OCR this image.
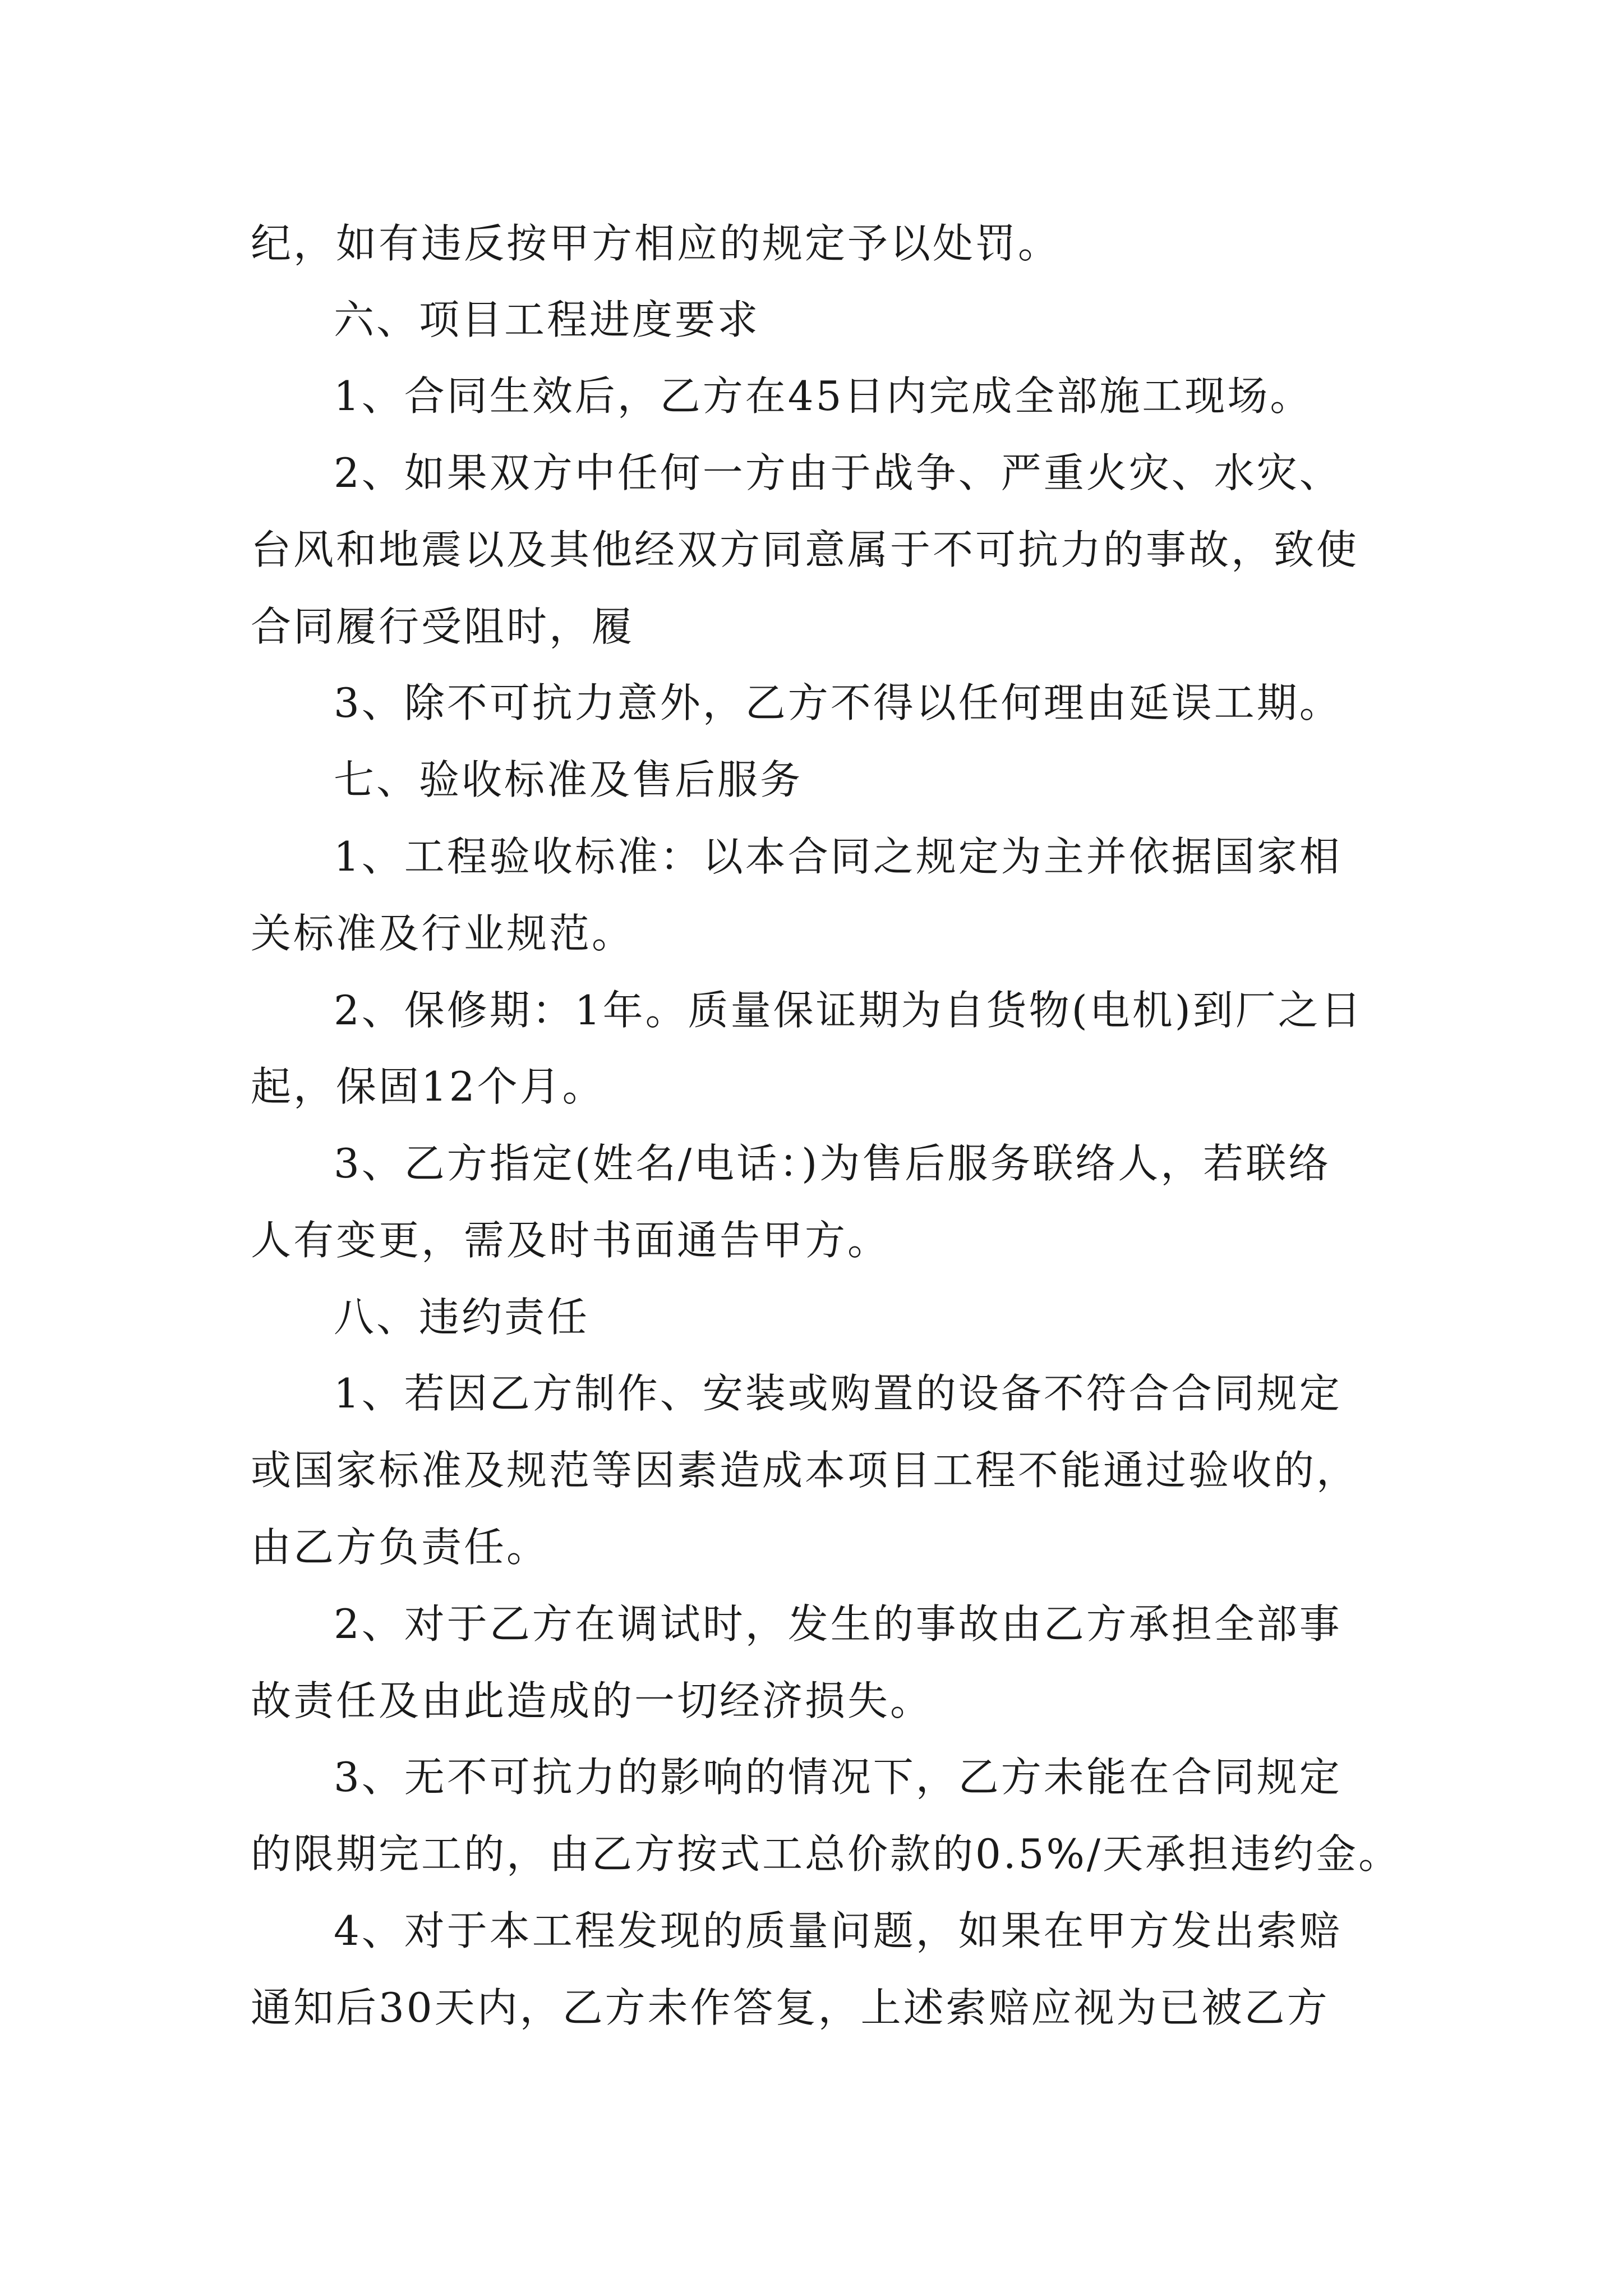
纪，如有违反按甲方相应的规定予以处罚。
六、项目工程进度要求
1、合同生效后，乙方在45日内完成全部施工现场。
2、如果双方中任何一方由于战争、严重火灾、水灾、
台风和地震以及其他经双方同意属于不可抗力的事故，致使
合同履行受阻时，履
3、除不可抗力意外，乙方不得以任何理由延误工期。
七、验收标准及售后服务
1、工程验收标准：以本合同之规定为主并依据国家相
关标准及行业规范。
2、保修期：1年。质量保证期为自货物(电机)到厂之日
起，保固12个月。
3、乙方指定(姓名/电话：)为售后服务联络人，若联络
人有变更，需及时书面通告甲方。
八、违约责任
1、若因乙方制作、安装或购置的设备不符合合同规定
或国家标准及规范等因素造成本项目工程不能通过验收的，
由乙方负责任。
2、对于乙方在调试时，发生的事故由乙方承担全部事
故责任及由此造成的一切经济损失。
3、无不可抗力的影响的情况下，乙方未能在合同规定
的限期完工的，由乙方按式工总价款的0.5%/天承担违约金。
4、对于本工程发现的质量问题，如果在甲方发出索赔
通知后30天内，乙方未作答复，上述索赔应视为已被乙方
